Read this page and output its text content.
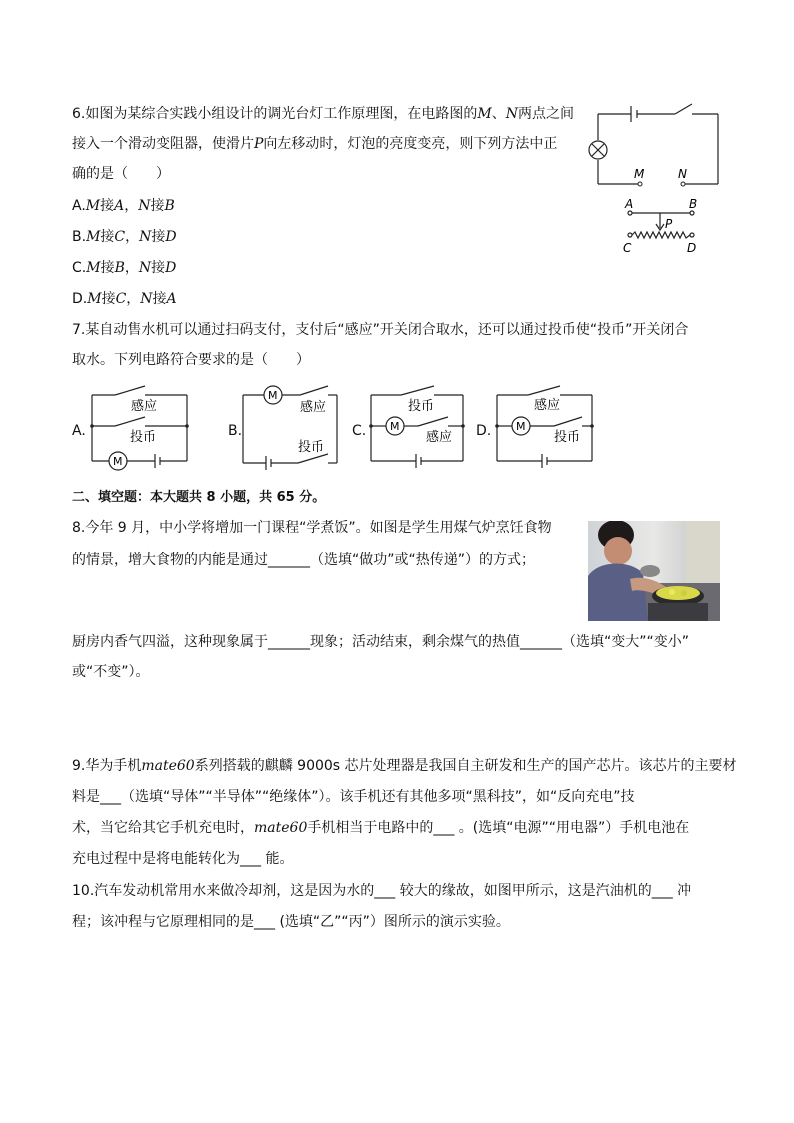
6.如图为某综合实践小组设计的调光台灯工作原理图，在电路图的M、N两点之间
接入一个滑动变阻器，使滑片P向左移动时，灯泡的亮度变亮，则下列方法中正
确的是（　　）
A.M接A，N接B
B.M接C，N接D
C.M接B，N接D
D.M接C，N接A
M	N
A	B
P
C	D
7.某自动售水机可以通过扫码支付，支付后“感应”开关闭合取水，还可以通过投币使“投币”开关闭合
取水。下列电路符合要求的是（　　）
A.
感应
投币
M
B.
M
感应
投币
C. M
投币
感应 D. M
感应
投币
二、填空题：本大题共 8 小题，共 65 分。
8.今年 9 月，中小学将增加一门课程“学煮饭”。如图是学生用煤气炉烹饪食物
的情景，增大食物的内能是通过______（选填“做功”或“热传递”）的方式；
厨房内香气四溢，这种现象属于______现象；活动结束，剩余煤气的热值______（选填“变大”“变小”
或“不变”）。
9.华为手机mate60系列搭载的麒麟 9000s 芯片处理器是我国自主研发和生产的国产芯片。该芯片的主要材
料是___（选填“导体”“半导体”“绝缘体”）。该手机还有其他多项“黑科技”，如“反向充电”技
术，当它给其它手机充电时，mate60手机相当于电路中的___ 。(选填“电源”“用电器”）手机电池在
充电过程中是将电能转化为___ 能。
10.汽车发动机常用水来做冷却剂，这是因为水的___ 较大的缘故，如图甲所示，这是汽油机的___ 冲
程；该冲程与它原理相同的是___ (选填“乙”“丙”）图所示的演示实验。
